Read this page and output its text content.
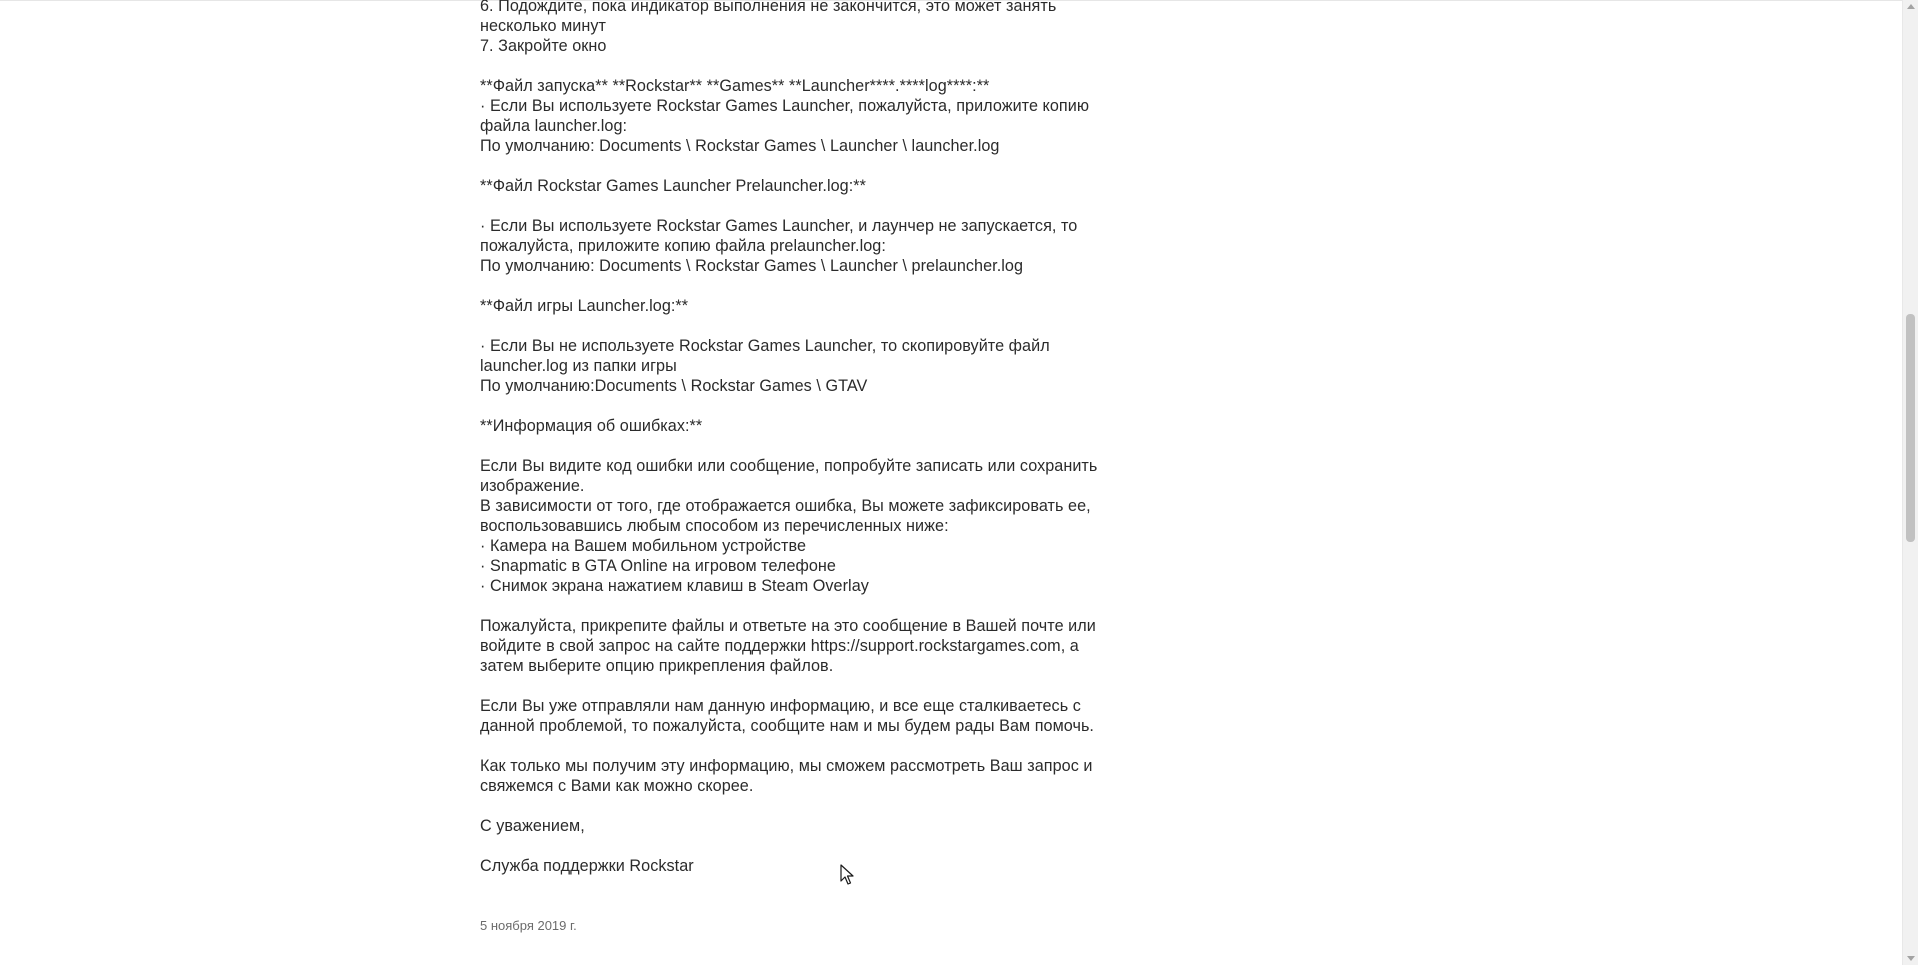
6. Подождите, пока индикатор выполнения не закончится, это может занять

несколько минут

7. Закройте окно

**Файл запуска** **Rockstar** **Games** **Launcher****.****log****:**

· Если Вы используете Rockstar Games Launcher, пожалуйста, приложите копию

файла launcher.log:

По умолчанию: Documents \ Rockstar Games \ Launcher \ launcher.log

**Файл Rockstar Games Launcher Prelauncher.log:**

· Если Вы используете Rockstar Games Launcher, и лаунчер не запускается, то

пожалуйста, приложите копию файла prelauncher.log:

По умолчанию: Documents \ Rockstar Games \ Launcher \ prelauncher.log

**Файл игры Launcher.log:**

· Если Вы не используете Rockstar Games Launcher, то скопировуйте файл

launcher.log из папки игры

По умолчанию:Documents \ Rockstar Games \ GTAV

**Информация об ошибках:**

Если Вы видите код ошибки или сообщение, попробуйте записать или сохранить

изображение.

В зависимости от того, где отображается ошибка, Вы можете зафиксировать ее,

воспользовавшись любым способом из перечисленных ниже:

· Камера на Вашем мобильном устройстве

· Snapmatic в GTA Online на игровом телефоне

· Снимок экрана нажатием клавиш в Steam Overlay

Пожалуйста, прикрепите файлы и ответьте на это сообщение в Вашей почте или

войдите в свой запрос на сайте поддержки https://support.rockstargames.com, а

затем выберите опцию прикрепления файлов.

Если Вы уже отправляли нам данную информацию, и все еще сталкиваетесь с

данной проблемой, то пожалуйста, сообщите нам и мы будем рады Вам помочь.

Как только мы получим эту информацию, мы сможем рассмотреть Ваш запрос и

свяжемся с Вами как можно скорее.

С уважением,

Служба поддержки Rockstar

5 ноября 2019 г.
